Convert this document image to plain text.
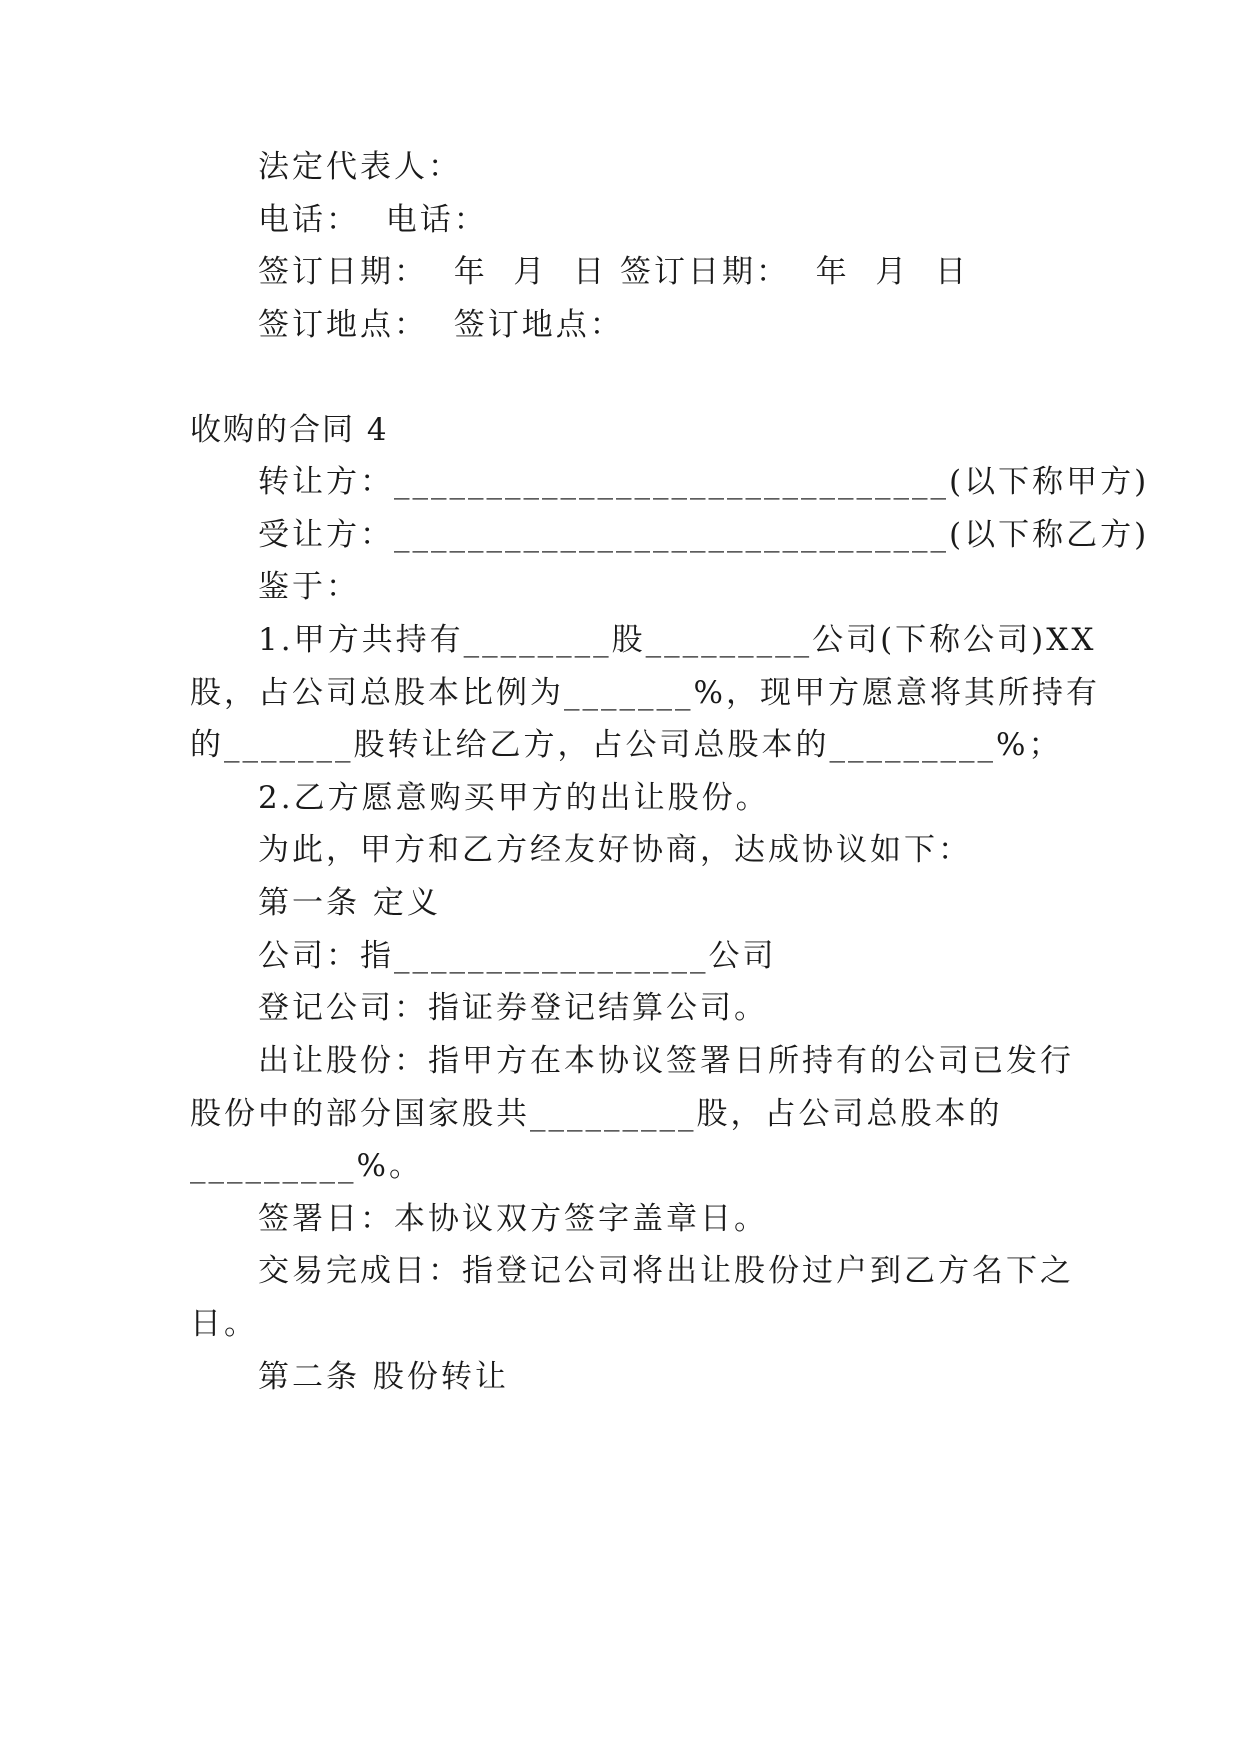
法定代表人：
电话：  电话：
签订日期：  年  月  日 签订日期：  年  月  日
签订地点：  签订地点：
收购的合同 4
转让方：______________________________(以下称甲方)
受让方：______________________________(以下称乙方)
鉴于：
1.甲方共持有________股_________公司(下称公司)XX
股，占公司总股本比例为_______%，现甲方愿意将其所持有
的_______股转让给乙方，占公司总股本的_________%；
2.乙方愿意购买甲方的出让股份。
为此，甲方和乙方经友好协商，达成协议如下：
第一条 定义
公司：指_________________公司
登记公司：指证券登记结算公司。
出让股份：指甲方在本协议签署日所持有的公司已发行
股份中的部分国家股共_________股，占公司总股本的
_________%。
签署日：本协议双方签字盖章日。
交易完成日：指登记公司将出让股份过户到乙方名下之
日。
第二条 股份转让
